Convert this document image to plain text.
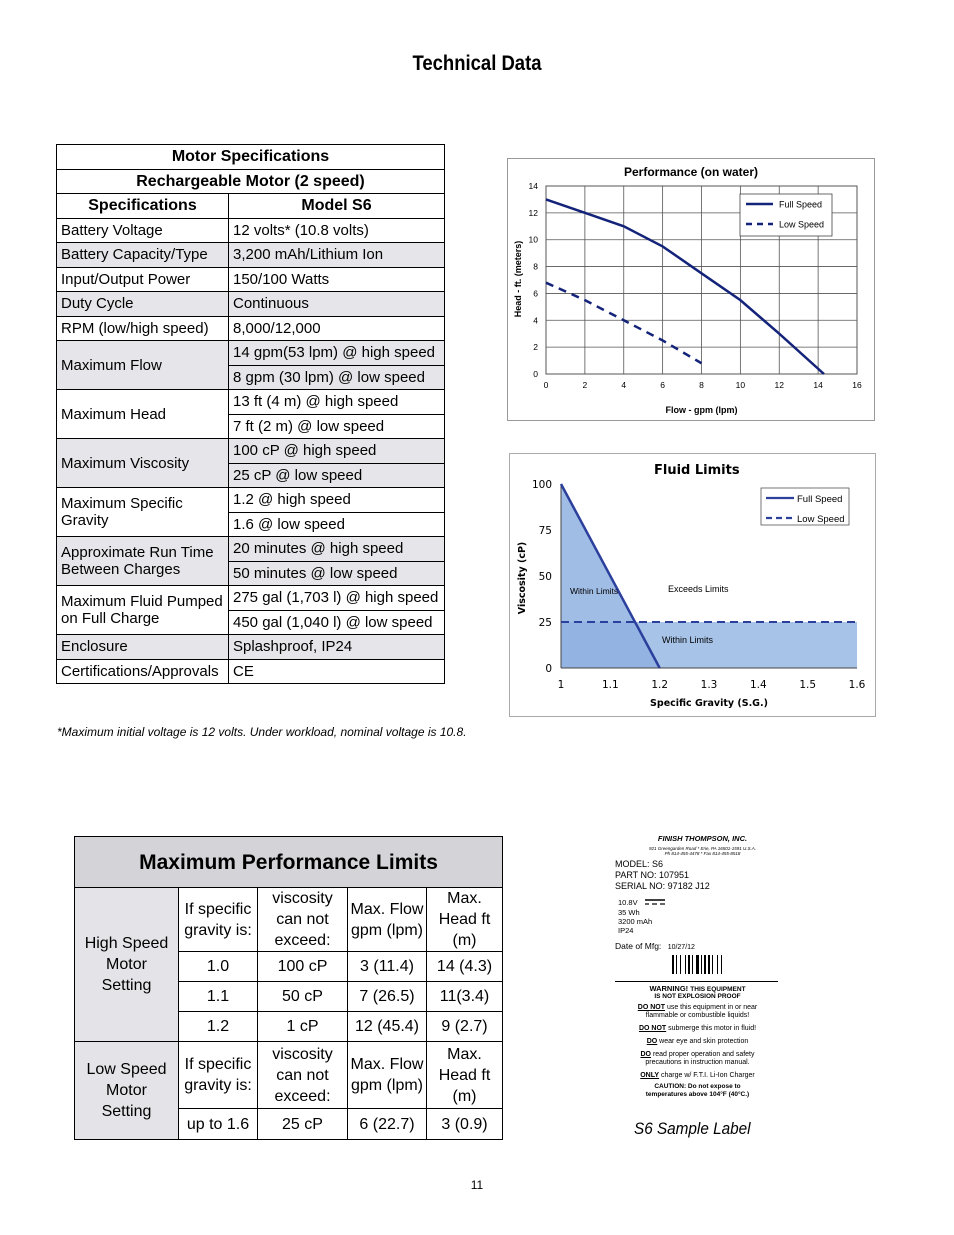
Technical Data
Motor Specifications	
Rechargeable Motor (2 speed)	
Specifications	Model S6
Battery Voltage	12 volts* (10.8 volts)
Battery Capacity/Type	3,200 mAh/Lithium Ion
Input/Output Power	150/100 Watts
Duty Cycle	Continuous
RPM (low/high speed)	8,000/12,000
Maximum Flow	14 gpm(53 lpm) @ high speed
	8 gpm (30 lpm) @ low speed
Maximum Head	13 ft (4 m) @ high speed
	7 ft (2 m) @ low speed
Maximum Viscosity	100 cP @ high speed
	25 cP @ low speed
Maximum Specific Gravity	1.2 @ high speed
	1.6 @ low speed
Approximate Run Time
Between Charges	20 minutes @ high speed
	50 minutes @ low speed
Maximum Fluid Pumped
on Full Charge	275 gal (1,703 l) @ high speed
	450 gal (1,040 l) @ low speed
Enclosure	Splashproof, IP24
Certifications/Approvals	CE
*Maximum initial voltage is 12 volts. Under workload, nominal voltage is 10.8.
Performance (on water)
0
2
4
6
8
10
12
14
0	2	4	6	8	10	12	14	16
Flow - gpm (lpm)
Head - ft. (meters)
Full Speed
Low Speed
0
25
50
75
100
1	1.1	1.2	1.3	1.4	1.5	1.6
Within Limits	Exceeds Limits
Within Limits
Fluid Limits
Specific Gravity (S.G.)
Viscosity (cP)
Full Speed
Low Speed
Maximum Performance Limits				
High Speed Motor Setting	If specific gravity is:	viscosity can not exceed:	Max. Flow gpm (lpm)	Max. Head ft (m)
	1.0	100 cP	3 (11.4)	14 (4.3)
	1.1	50 cP	7 (26.5)	11(3.4)
	1.2	1 cP	12 (45.4)	9 (2.7)
Low Speed Motor Setting	If specific gravity is:	viscosity can not exceed:	Max. Flow gpm (lpm)	Max. Head ft (m)
	up to 1.6	25 cP	6 (22.7)	3 (0.9)
FINISH THOMPSON, INC.
921 Greengarden Road * Erie, PA 16501-1591 U.S.A.
Ph 814-455-4478 * Fax 814-455-8518
MODEL: S6
PART NO: 107951
SERIAL NO: 97182 J12
10.8V
35 Wh
3200 mAh
IP24
Date of Mfg: 10/27/12
WARNING! THIS EQUIPMENT
IS NOT EXPLOSION PROOF
DO NOT use this equipment in or near
flammable or combustible liquids!
DO NOT submerge this motor in fluid!
DO wear eye and skin protection
DO read proper operation and safety
precautions in instruction manual.
ONLY charge w/ F.T.I. Li-Ion Charger
CAUTION: Do not expose to
temperatures above 104°F (40°C.)
S6 Sample Label
11
